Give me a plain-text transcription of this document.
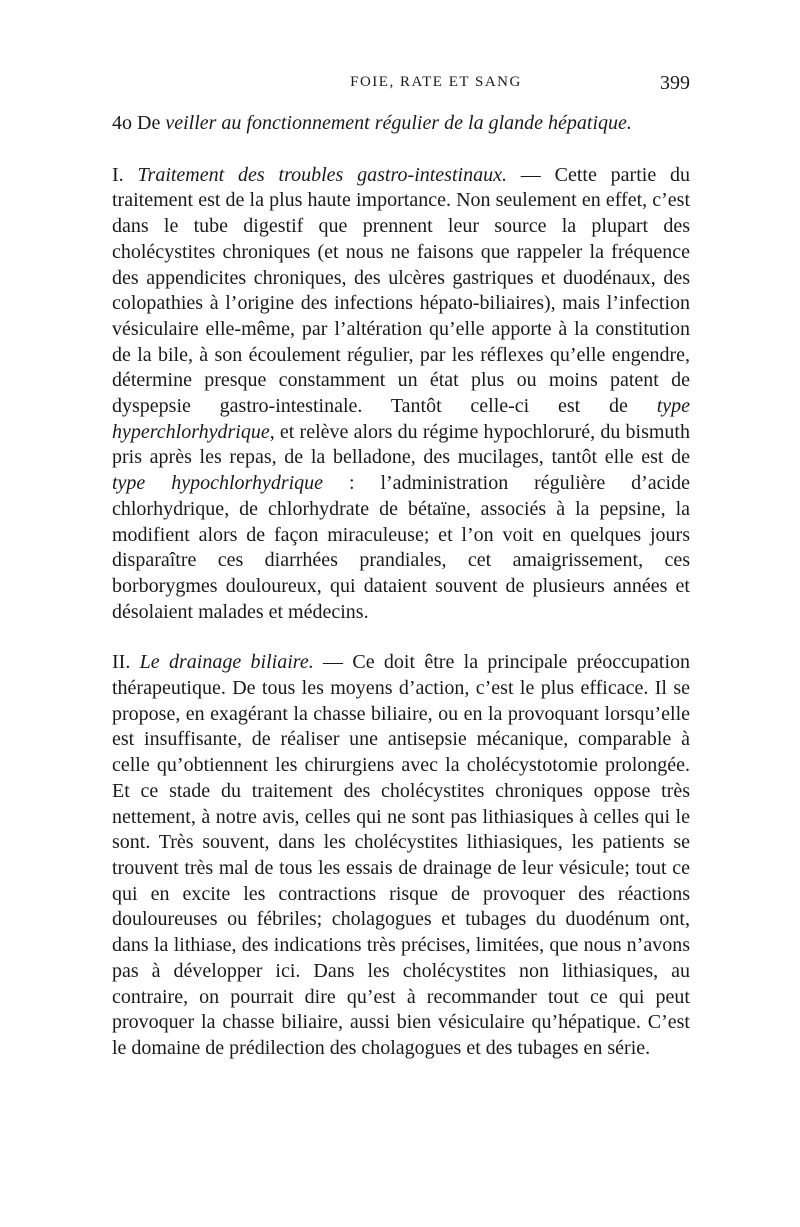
FOIE, RATE ET SANG	399

4o De veiller au fonctionnement régulier de la glande hépatique.

I. Traitement des troubles gastro-intestinaux. — Cette partie du traitement est de la plus haute importance. Non seulement en effet, c’est dans le tube digestif que prennent leur source la plupart des cholécystites chroniques (et nous ne faisons que rappeler la fréquence des appendicites chroniques, des ulcères gastriques et duodénaux, des colopathies à l’origine des infections hépato-biliaires), mais l’infection vésiculaire elle-même, par l’altération qu’elle apporte à la constitution de la bile, à son écoulement régulier, par les réflexes qu’elle engendre, détermine presque constamment un état plus ou moins patent de dyspepsie gastro-intestinale. Tantôt celle-ci est de type hyperchlorhydrique, et relève alors du régime hypochloruré, du bismuth pris après les repas, de la belladone, des mucilages, tantôt elle est de type hypochlorhydrique : l’administration régulière d’acide chlorhydrique, de chlorhydrate de bétaïne, associés à la pepsine, la modifient alors de façon miraculeuse; et l’on voit en quelques jours disparaître ces diarrhées prandiales, cet amaigrissement, ces borborygmes douloureux, qui dataient souvent de plusieurs années et désolaient malades et médecins.

II. Le drainage biliaire. — Ce doit être la principale préoccupation thérapeutique. De tous les moyens d’action, c’est le plus efficace. Il se propose, en exagérant la chasse biliaire, ou en la provoquant lorsqu’elle est insuffisante, de réaliser une antisepsie mécanique, comparable à celle qu’obtiennent les chirurgiens avec la cholécystotomie prolongée. Et ce stade du traitement des cholécystites chroniques oppose très nettement, à notre avis, celles qui ne sont pas lithiasiques à celles qui le sont. Très souvent, dans les cholécystites lithiasiques, les patients se trouvent très mal de tous les essais de drainage de leur vésicule; tout ce qui en excite les contractions risque de provoquer des réactions douloureuses ou fébriles; cholagogues et tubages du duodénum ont, dans la lithiase, des indications très précises, limitées, que nous n’avons pas à développer ici. Dans les cholécystites non lithiasiques, au contraire, on pourrait dire qu’est à recommander tout ce qui peut provoquer la chasse biliaire, aussi bien vésiculaire qu’hépatique. C’est le domaine de prédilection des cholagogues et des tubages en série.
